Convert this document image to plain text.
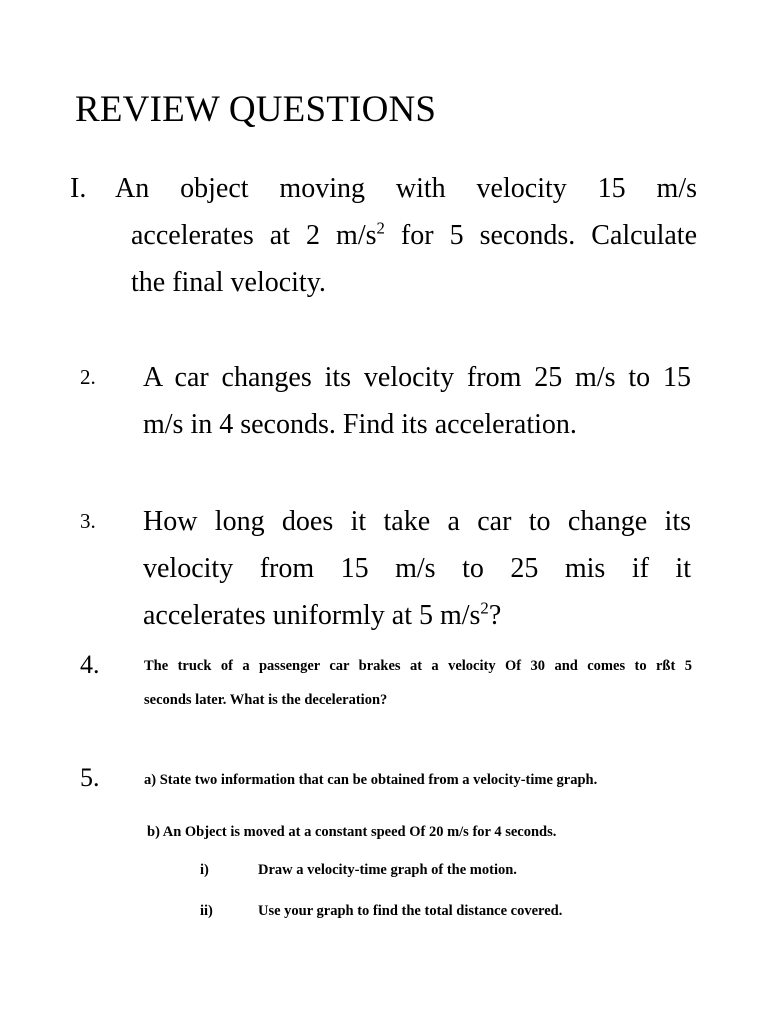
REVIEW QUESTIONS
I. An object moving with velocity 15 m/s
accelerates at 2 $m/s^2$ for 5 seconds. Calculate
the final velocity.
2. A car changes its velocity from 25 m/s to 15
m/s in 4 seconds. Find its acceleration.
3. How long does it take a car to change its
velocity from 15 m/s to 25 mis if it
accelerates uniformly at 5 $m/s^2$?
4.	The truck of a passenger car brakes at a velocity Of 30 and comes to rßt 5
seconds later. What is the deceleration?
5.	a) State two information that can be obtained from a velocity-time graph.
b) An Object is moved at a constant speed Of 20 m/s for 4 seconds.
i)	Draw a velocity-time graph of the motion.
ii)	Use your graph to find the total distance covered.
